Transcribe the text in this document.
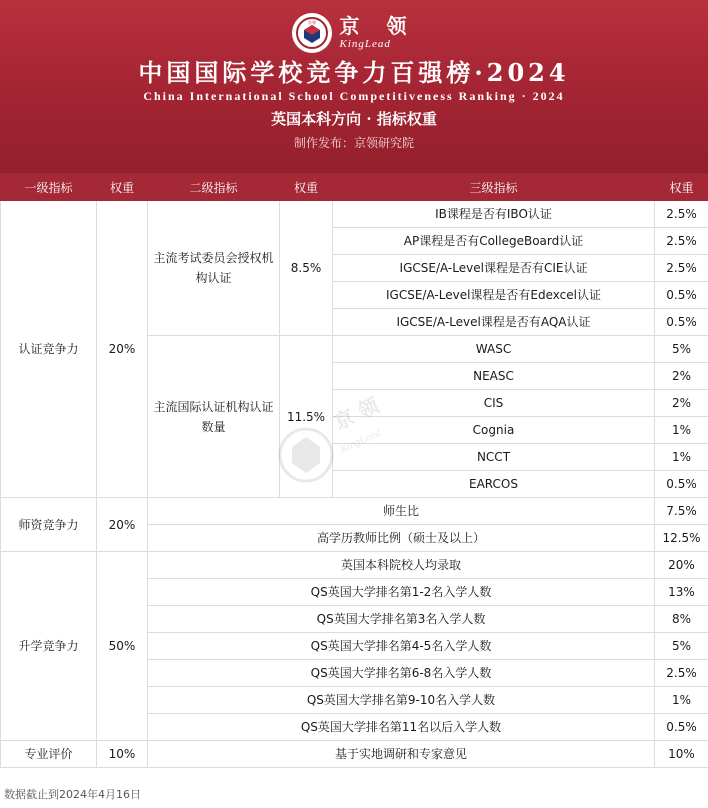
京领 京 领
KingLead
中国国际学校竞争力百强榜·2024
China International School Competitiveness Ranking · 2024
英国本科方向 · 指标权重
制作发布：京领研究院
一级指标	权重	二级指标	权重	三级指标	权重
认证竞争力	20%	主流考试委员会授权机构认证	8.5%	IB课程是否有IBO认证	2.5%
				AP课程是否有CollegeBoard认证	2.5%
				IGCSE/A-Level课程是否有CIE认证	2.5%
				IGCSE/A-Level课程是否有Edexcel认证	0.5%
				IGCSE/A-Level课程是否有AQA认证	0.5%
		主流国际认证机构认证数量	11.5%	WASC	5%
				NEASC	2%
				CIS	2%
				Cognia	1%
				NCCT	1%
				EARCOS	0.5%
师资竞争力	20%	师生比			7.5%
		高学历教师比例（硕士及以上）			12.5%
升学竞争力	50%	英国本科院校人均录取			20%
		QS英国大学排名第1-2名入学人数			13%
		QS英国大学排名第3名入学人数			8%
		QS英国大学排名第4-5名入学人数			5%
		QS英国大学排名第6-8名入学人数			2.5%
		QS英国大学排名第9-10名入学人数			1%
		QS英国大学排名第11名以后入学人数			0.5%
专业评价	10%	基于实地调研和专家意见			10%
京 领
KingLead
数据截止到2024年4月16日
